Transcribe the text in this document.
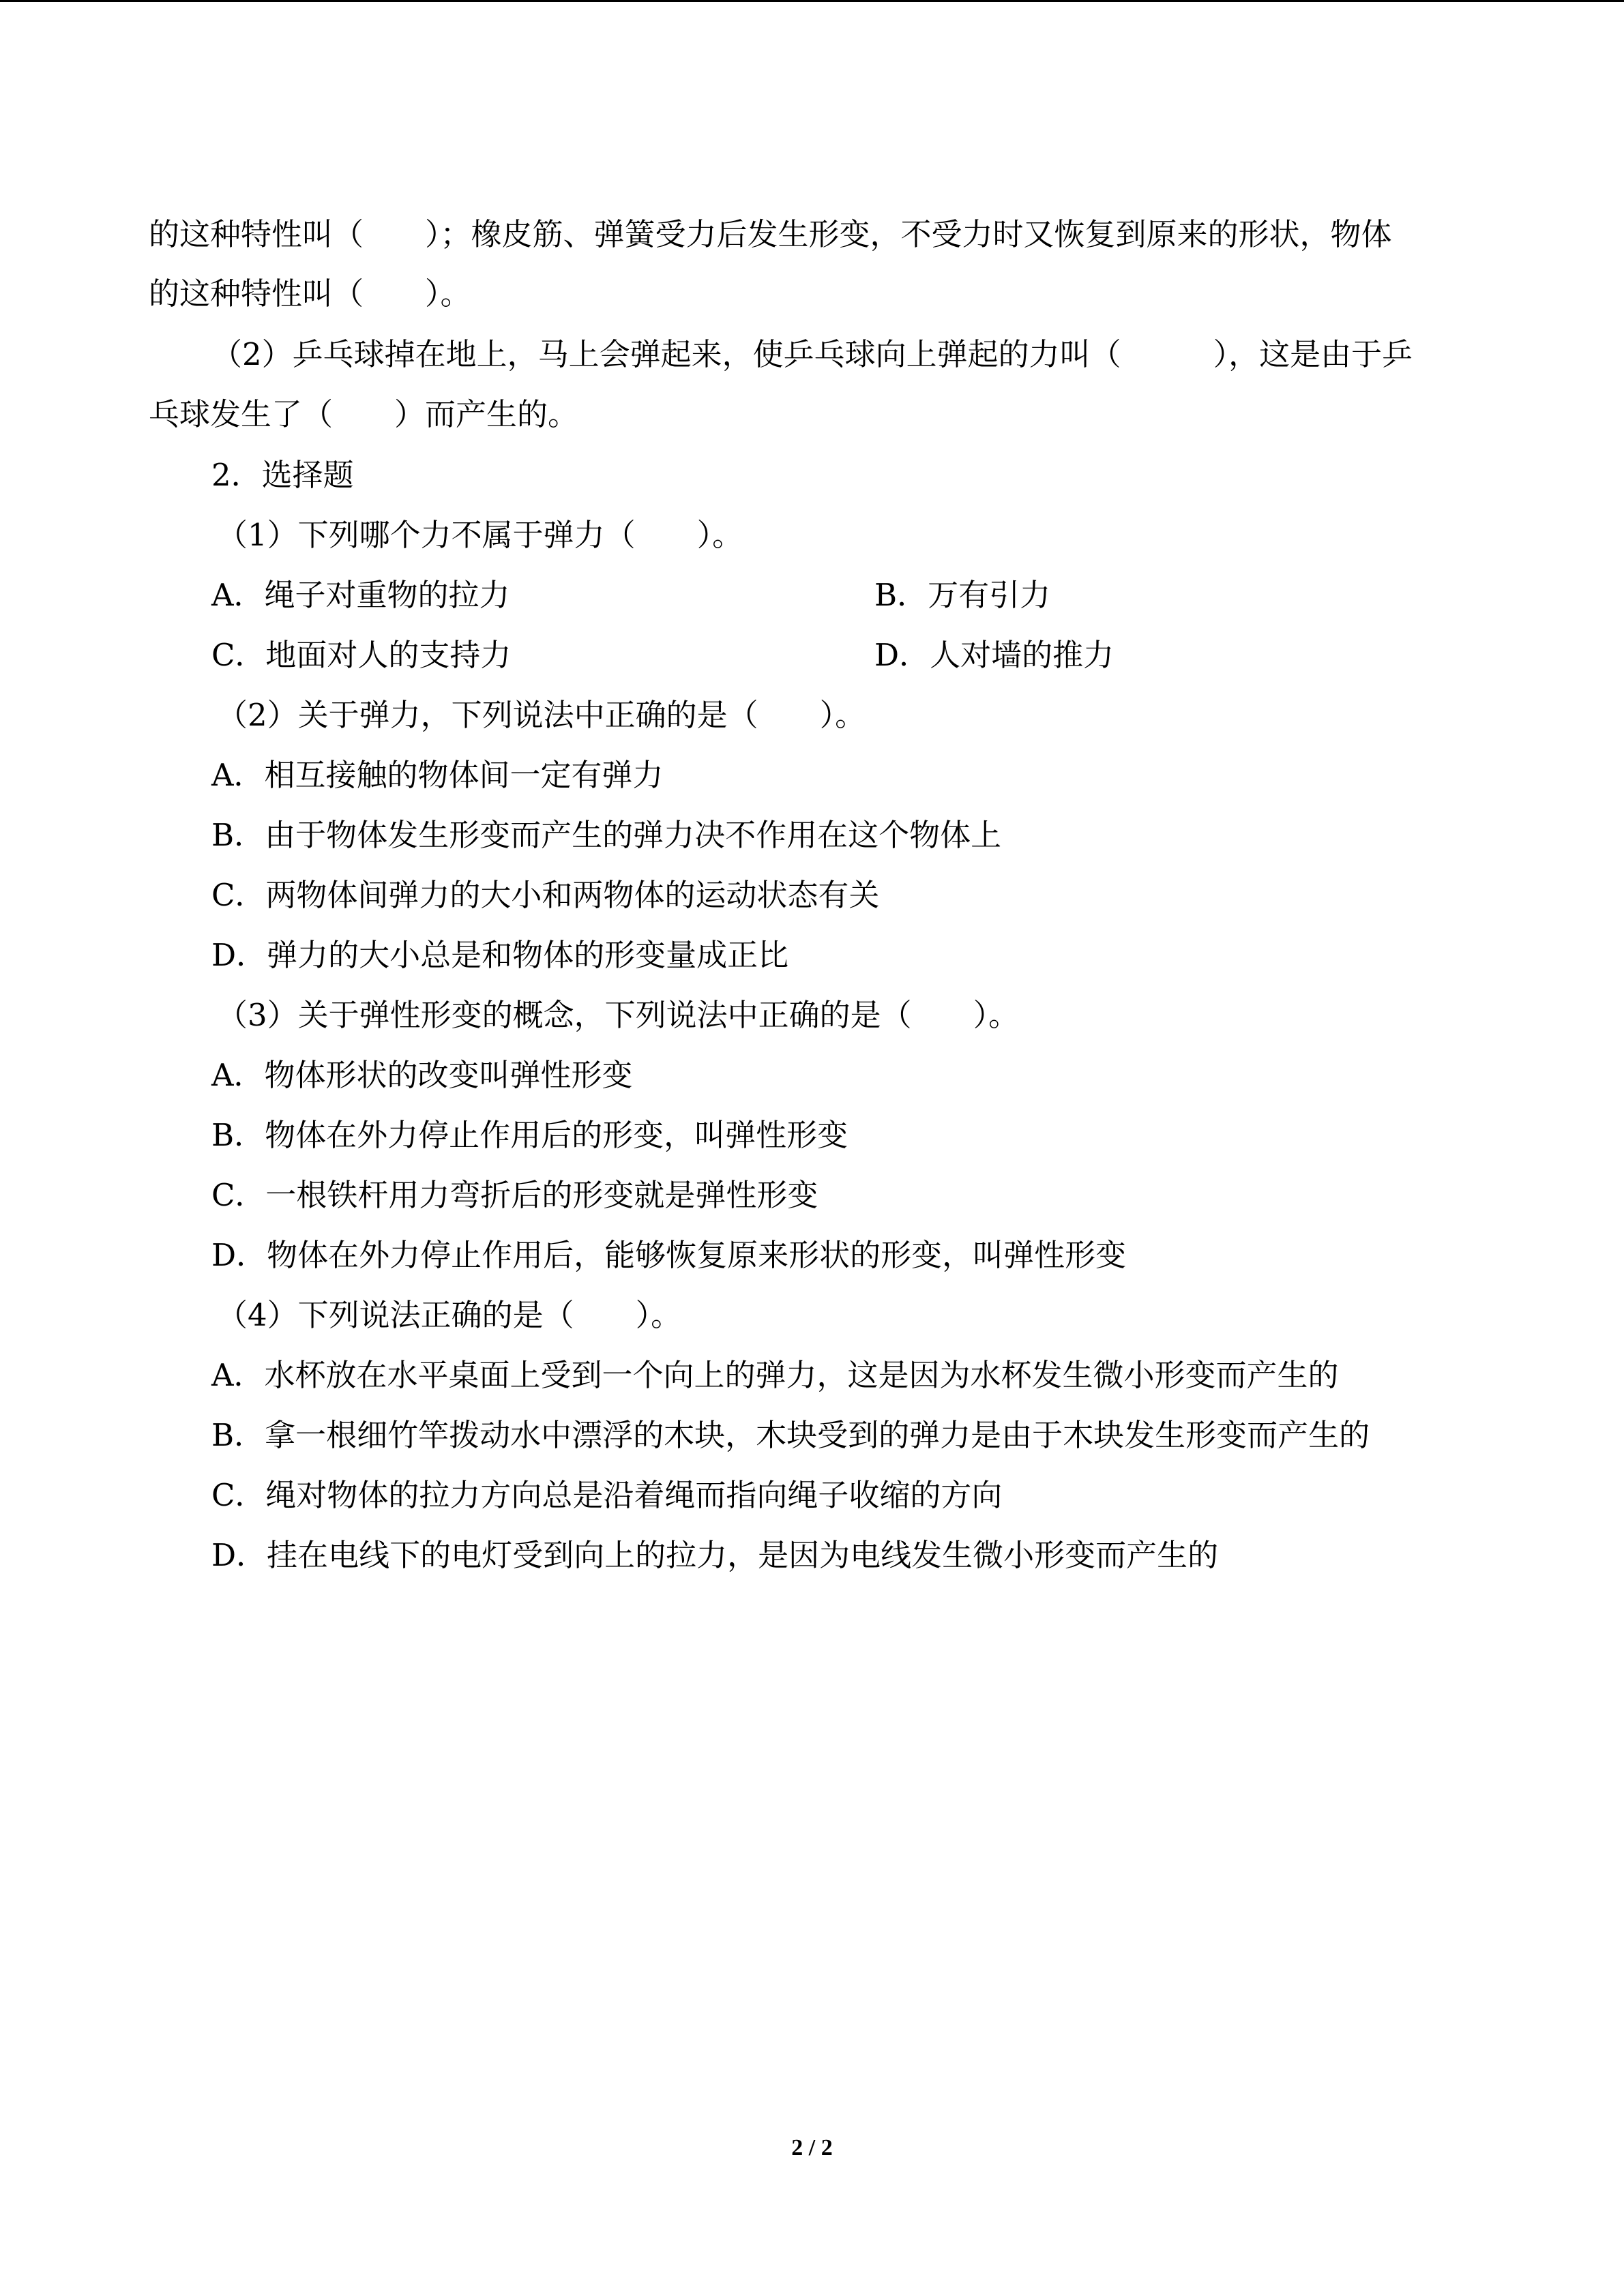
的这种特性叫（　　）；橡皮筋、弹簧受力后发生形变，不受力时又恢复到原来的形状，物体

的这种特性叫（　　）。

（2）乒乓球掉在地上，马上会弹起来，使乒乓球向上弹起的力叫（　　　），这是由于乒

乓球发生了（　　）而产生的。

2．选择题

（1）下列哪个力不属于弹力（　　）。

A．绳子对重物的拉力	B．万有引力
C．地面对人的支持力	D．人对墙的推力

（2）关于弹力，下列说法中正确的是（　　）。

A．相互接触的物体间一定有弹力
B．由于物体发生形变而产生的弹力决不作用在这个物体上
C．两物体间弹力的大小和两物体的运动状态有关
D．弹力的大小总是和物体的形变量成正比

（3）关于弹性形变的概念，下列说法中正确的是（　　）。

A．物体形状的改变叫弹性形变
B．物体在外力停止作用后的形变，叫弹性形变
C．一根铁杆用力弯折后的形变就是弹性形变
D．物体在外力停止作用后，能够恢复原来形状的形变，叫弹性形变

（4）下列说法正确的是（　　）。

A．水杯放在水平桌面上受到一个向上的弹力，这是因为水杯发生微小形变而产生的
B．拿一根细竹竿拨动水中漂浮的木块，木块受到的弹力是由于木块发生形变而产生的
C．绳对物体的拉力方向总是沿着绳而指向绳子收缩的方向
D．挂在电线下的电灯受到向上的拉力，是因为电线发生微小形变而产生的
2 / 2
